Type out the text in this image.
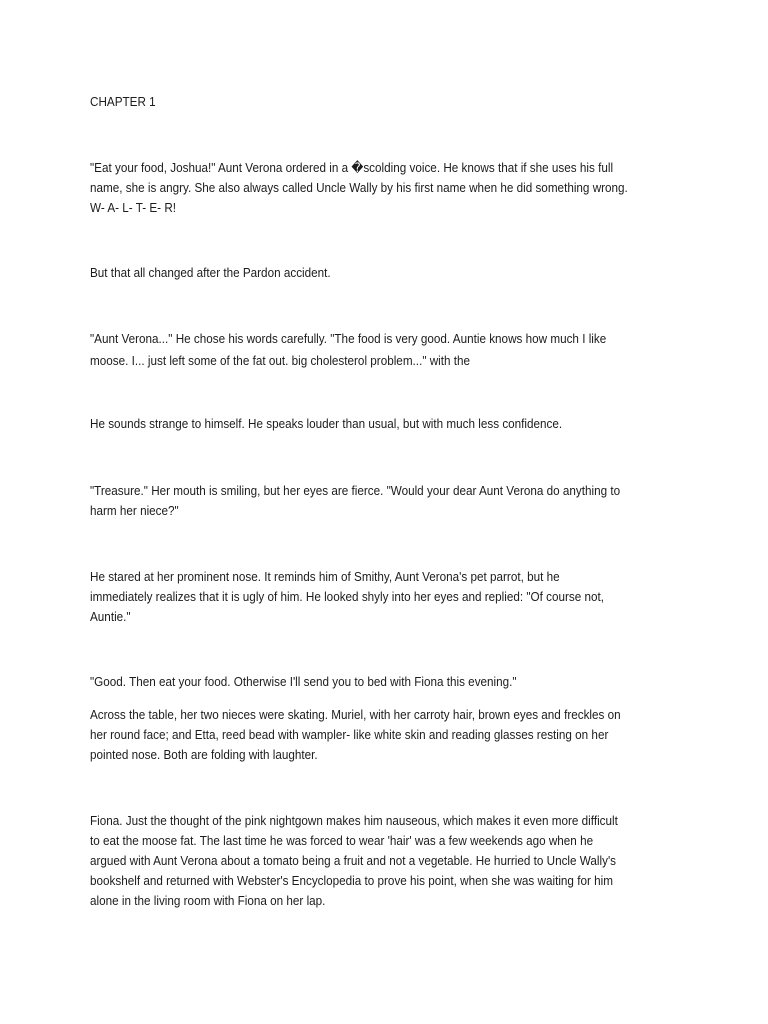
CHAPTER 1
"Eat your food, Joshua!" Aunt Verona ordered in a �scolding voice. He knows that if she uses his full
name, she is angry. She also always called Uncle Wally by his first name when he did something wrong.
W- A- L- T- E- R!
But that all changed after the Pardon accident.
"Aunt Verona..." He chose his words carefully. "The food is very good. Auntie knows how much I like
moose. I... just left some of the fat out. big cholesterol problem..." with the
He sounds strange to himself. He speaks louder than usual, but with much less confidence.
"Treasure." Her mouth is smiling, but her eyes are fierce. "Would your dear Aunt Verona do anything to
harm her niece?"
He stared at her prominent nose. It reminds him of Smithy, Aunt Verona's pet parrot, but he
immediately realizes that it is ugly of him. He looked shyly into her eyes and replied: "Of course not,
Auntie."
"Good. Then eat your food. Otherwise I'll send you to bed with Fiona this evening."
Across the table, her two nieces were skating. Muriel, with her carroty hair, brown eyes and freckles on
her round face; and Etta, reed bead with wampler- like white skin and reading glasses resting on her
pointed nose. Both are folding with laughter.
Fiona. Just the thought of the pink nightgown makes him nauseous, which makes it even more difficult
to eat the moose fat. The last time he was forced to wear 'hair' was a few weekends ago when he
argued with Aunt Verona about a tomato being a fruit and not a vegetable. He hurried to Uncle Wally's
bookshelf and returned with Webster's Encyclopedia to prove his point, when she was waiting for him
alone in the living room with Fiona on her lap.
